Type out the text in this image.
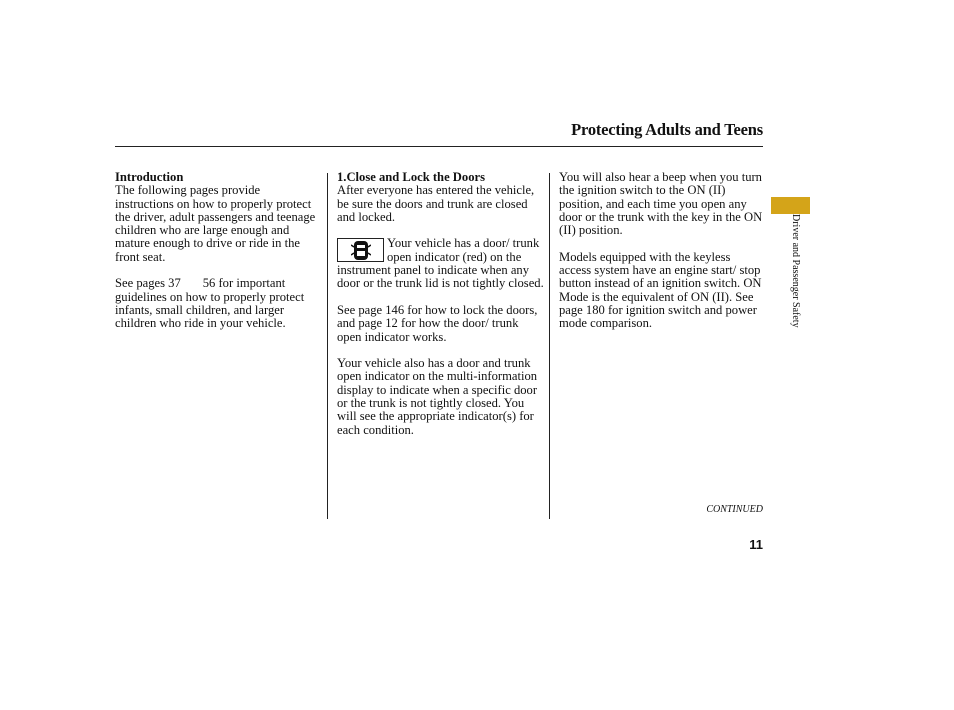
Protecting Adults and Teens
Introduction

The following pages provide instructions on how to properly protect the driver, adult passengers and teenage children who are large enough and mature enough to drive or ride in the front seat.

See pages 37 56 for important guidelines on how to properly protect infants, small children, and larger children who ride in your vehicle.

1.Close and Lock the Doors

After everyone has entered the vehicle, be sure the doors and trunk are closed and locked.

Your vehicle has a door/ trunk open indicator (red) on the instrument panel to indicate when any door or the trunk lid is not tightly closed.

See page 146 for how to lock the doors, and page 12 for how the door/ trunk open indicator works.

Your vehicle also has a door and trunk open indicator on the multi-information display to indicate when a specific door or the trunk is not tightly closed. You will see the appropriate indicator(s) for each condition.

You will also hear a beep when you turn the ignition switch to the ON (II) position, and each time you open any door or the trunk with the key in the ON (II) position.

Models equipped with the keyless access system have an engine start/ stop button instead of an ignition switch. ON Mode is the equivalent of ON (II). See page 180 for ignition switch and power mode comparison.	Driver and Passenger Safety
CONTINUED
11
